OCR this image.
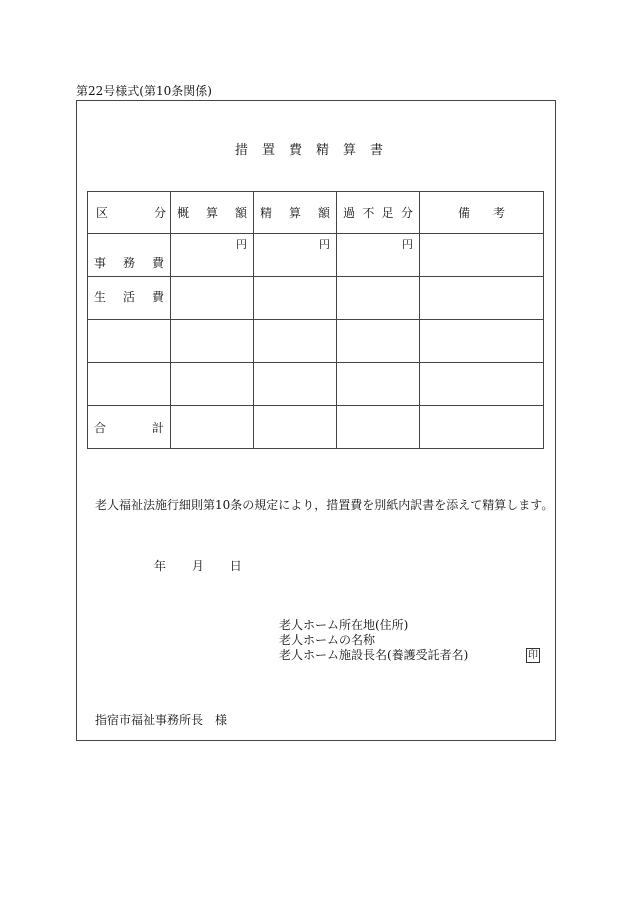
第22号様式(第10条関係)
措置費精算書
区 分	概 算 額	精 算 額	過 不 足 分	備 考

事 務 費	円	円	円	

生 活 費				

合 計				

老人福祉法施行細則第10条の規定により，措置費を別紙内訳書を添えて精算します。
年 月 日
老人ホーム所在地(住所)
老人ホームの名称
老人ホーム施設長名(養護受託者名)	印
指宿市福祉事務所長　様
